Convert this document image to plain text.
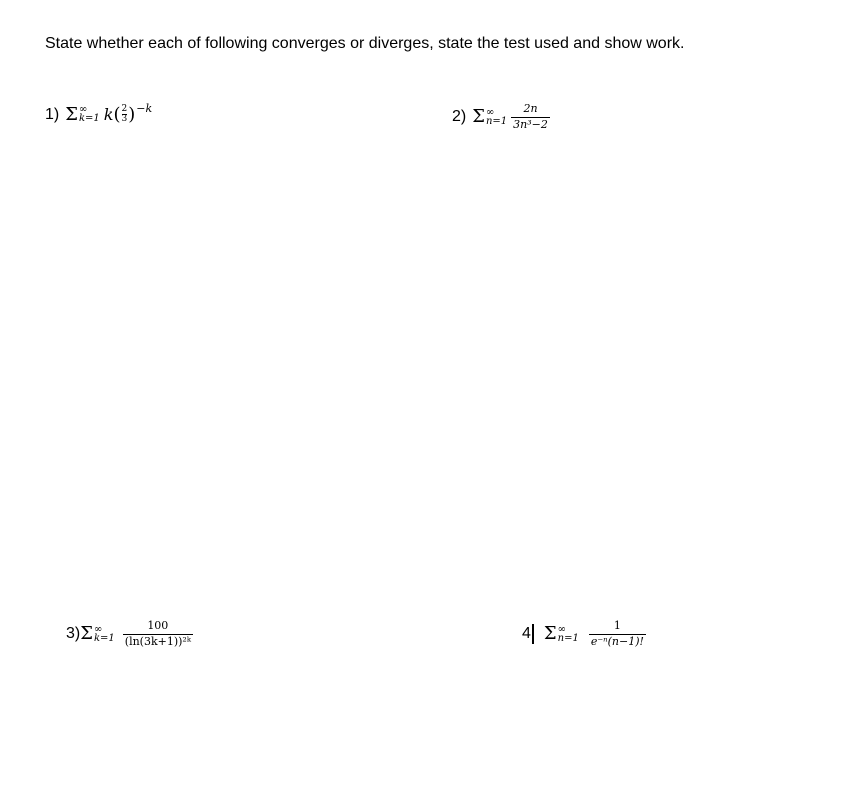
State whether each of following converges or diverges, state the test used and show work.
1) Σ ∞
k=1 k ( $\frac{2}{3}$ ) −k	2) Σ ∞
$n=1 \frac{2n}{\text{3n³−2}}$
3) Σ ∞
$k=1 \frac{100}{\text{(ln(3k+1))²ᵏ}}$	4 Σ ∞
$n=1 \frac{1}{\text{e⁻ⁿ(n−1)!}}$
